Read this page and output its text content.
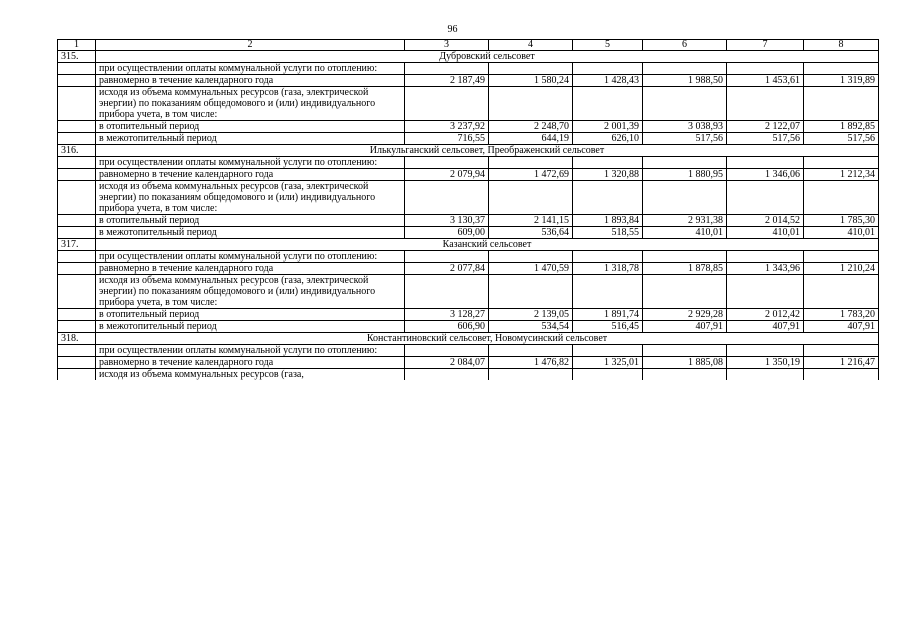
96
1	2	3	4	5	6	7	8
315.	Дубровский сельсовет						
	при осуществлении оплаты коммунальной услуги по отоплению:						
	равномерно в течение календарного года	2 187,49	1 580,24	1 428,43	1 988,50	1 453,61	1 319,89
	исходя из объема коммунальных ресурсов (газа, электрической энергии) по показаниям общедомового и (или) индивидуального прибора учета, в том числе:						
	в отопительный период	3 237,92	2 248,70	2 001,39	3 038,93	2 122,07	1 892,85
	в межотопительный период	716,55	644,19	626,10	517,56	517,56	517,56
316.	Илькульганский сельсовет, Преображенский сельсовет						
	при осуществлении оплаты коммунальной услуги по отоплению:						
	равномерно в течение календарного года	2 079,94	1 472,69	1 320,88	1 880,95	1 346,06	1 212,34
	исходя из объема коммунальных ресурсов (газа, электрической энергии) по показаниям общедомового и (или) индивидуального прибора учета, в том числе:						
	в отопительный период	3 130,37	2 141,15	1 893,84	2 931,38	2 014,52	1 785,30
	в межотопительный период	609,00	536,64	518,55	410,01	410,01	410,01
317.	Казанский сельсовет						
	при осуществлении оплаты коммунальной услуги по отоплению:						
	равномерно в течение календарного года	2 077,84	1 470,59	1 318,78	1 878,85	1 343,96	1 210,24
	исходя из объема коммунальных ресурсов (газа, электрической энергии) по показаниям общедомового и (или) индивидуального прибора учета, в том числе:						
	в отопительный период	3 128,27	2 139,05	1 891,74	2 929,28	2 012,42	1 783,20
	в межотопительный период	606,90	534,54	516,45	407,91	407,91	407,91
318.	Константиновский сельсовет, Новомусинский сельсовет						
	при осуществлении оплаты коммунальной услуги по отоплению:						
	равномерно в течение календарного года	2 084,07	1 476,82	1 325,01	1 885,08	1 350,19	1 216,47
	исходя из объема коммунальных ресурсов (газа,						
